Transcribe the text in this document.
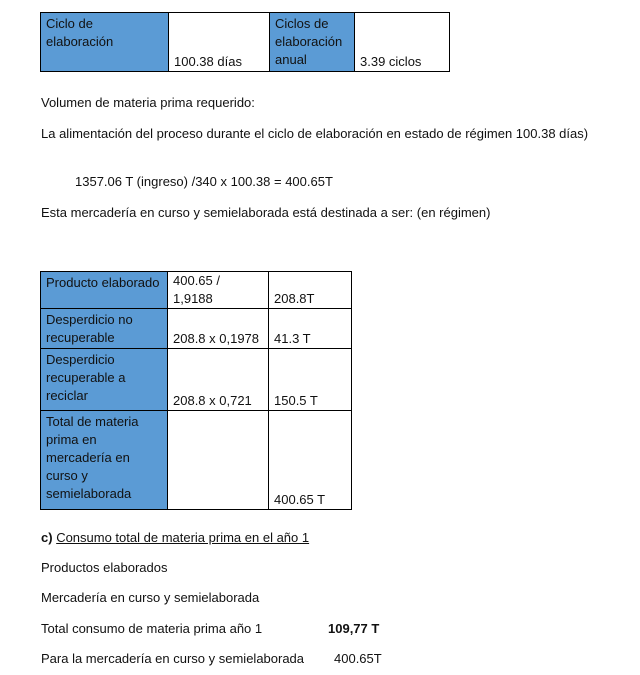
Ciclo de elaboración	100.38 días	Ciclos de elaboración anual	3.39 ciclos
Volumen de materia prima requerido:
La alimentación del proceso durante el ciclo de elaboración en estado de régimen 100.38 días)
1357.06 T (ingreso) /340 x 100.38 = 400.65T
Esta mercadería en curso y semielaborada está destinada a ser: (en régimen)
Producto elaborado	400.65 / 1,9188	208.8T
Desperdicio no recuperable	208.8 x 0,1978	41.3 T
Desperdicio recuperable a reciclar	208.8 x 0,721	150.5 T
Total de materia prima en mercadería en curso y semielaborada		400.65 T
c) Consumo total de materia prima en el año 1
Productos elaborados
Mercadería en curso y semielaborada
Total consumo de materia prima año 1	109,77 T
Para la mercadería en curso y semielaborada 400.65T
